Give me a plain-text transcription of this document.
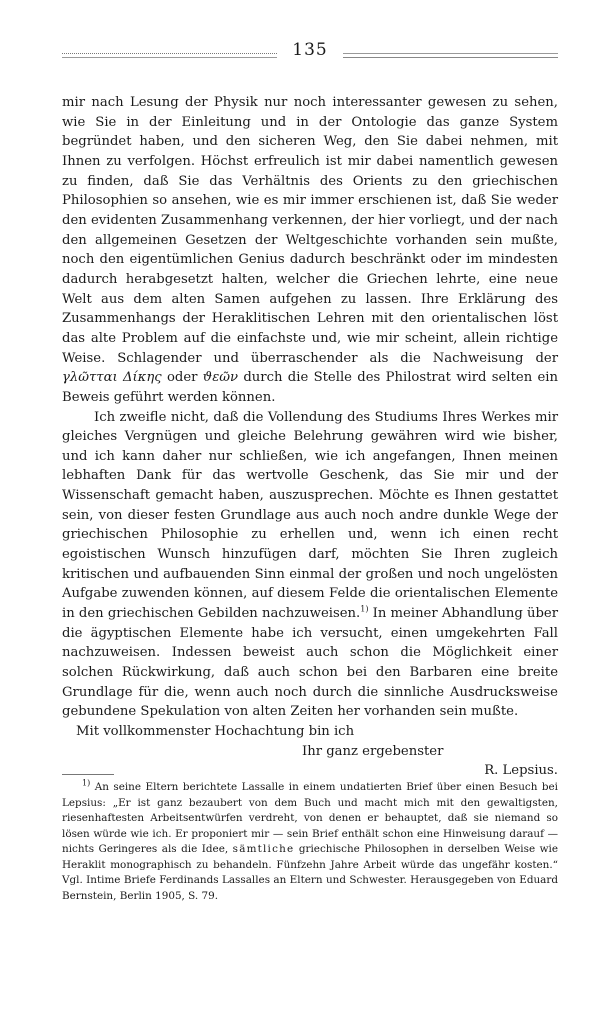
135

mir nach Lesung der Physik nur noch interessanter gewesen zu sehen, wie Sie in der Einleitung und in der Ontologie das ganze System begründet haben, und den sicheren Weg, den Sie dabei nehmen, mit Ihnen zu verfolgen. Höchst erfreulich ist mir dabei namentlich gewesen zu finden, daß Sie das Verhältnis des Orients zu den griechischen Philosophien so ansehen, wie es mir immer erschienen ist, daß Sie weder den evidenten Zusammenhang verkennen, der hier vorliegt, und der nach den allgemeinen Gesetzen der Weltgeschichte vorhanden sein mußte, noch den eigentümlichen Genius dadurch beschränkt oder im mindesten dadurch herabgesetzt halten, welcher die Griechen lehrte, eine neue Welt aus dem alten Samen aufgehen zu lassen. Ihre Erklärung des Zusammenhangs der Heraklitischen Lehren mit den orientalischen löst das alte Problem auf die einfachste und, wie mir scheint, allein richtige Weise. Schlagender und überraschender als die Nachweisung der γλῶτται Δίκης oder ϑεῶν durch die Stelle des Philostrat wird selten ein Beweis geführt werden können.

Ich zweifle nicht, daß die Vollendung des Studiums Ihres Werkes mir gleiches Vergnügen und gleiche Belehrung gewähren wird wie bisher, und ich kann daher nur schließen, wie ich angefangen, Ihnen meinen lebhaften Dank für das wertvolle Geschenk, das Sie mir und der Wissenschaft gemacht haben, auszusprechen. Möchte es Ihnen gestattet sein, von dieser festen Grundlage aus auch noch andre dunkle Wege der griechischen Philosophie zu erhellen und, wenn ich einen recht egoistischen Wunsch hinzufügen darf, möchten Sie Ihren zugleich kritischen und aufbauenden Sinn einmal der großen und noch ungelösten Aufgabe zuwenden können, auf diesem Felde die orientalischen Elemente in den griechischen Gebilden nachzuweisen.$^{1)}$ In meiner Abhandlung über die ägyptischen Elemente habe ich versucht, einen umgekehrten Fall nachzuweisen. Indessen beweist auch schon die Möglichkeit einer solchen Rückwirkung, daß auch schon bei den Barbaren eine breite Grundlage für die, wenn auch noch durch die sinnliche Ausdrucksweise gebundene Spekulation von alten Zeiten her vorhanden sein mußte.

Mit vollkommenster Hochachtung bin ich

Ihr ganz ergebenster

R. Lepsius.

$^{1)}$ An seine Eltern berichtete Lassalle in einem undatierten Brief über einen Besuch bei Lepsius: „Er ist ganz bezaubert von dem Buch und macht mich mit den gewaltigsten, riesenhaftesten Arbeitsentwürfen verdreht, von denen er behauptet, daß sie niemand so lösen würde wie ich. Er proponiert mir — sein Brief enthält schon eine Hinweisung darauf — nichts Geringeres als die Idee, sämtliche griechische Philosophen in derselben Weise wie Heraklit monographisch zu behandeln. Fünfzehn Jahre Arbeit würde das ungefähr kosten.“ Vgl. Intime Briefe Ferdinands Lassalles an Eltern und Schwester. Herausgegeben von Eduard Bernstein, Berlin 1905, S. 79.
